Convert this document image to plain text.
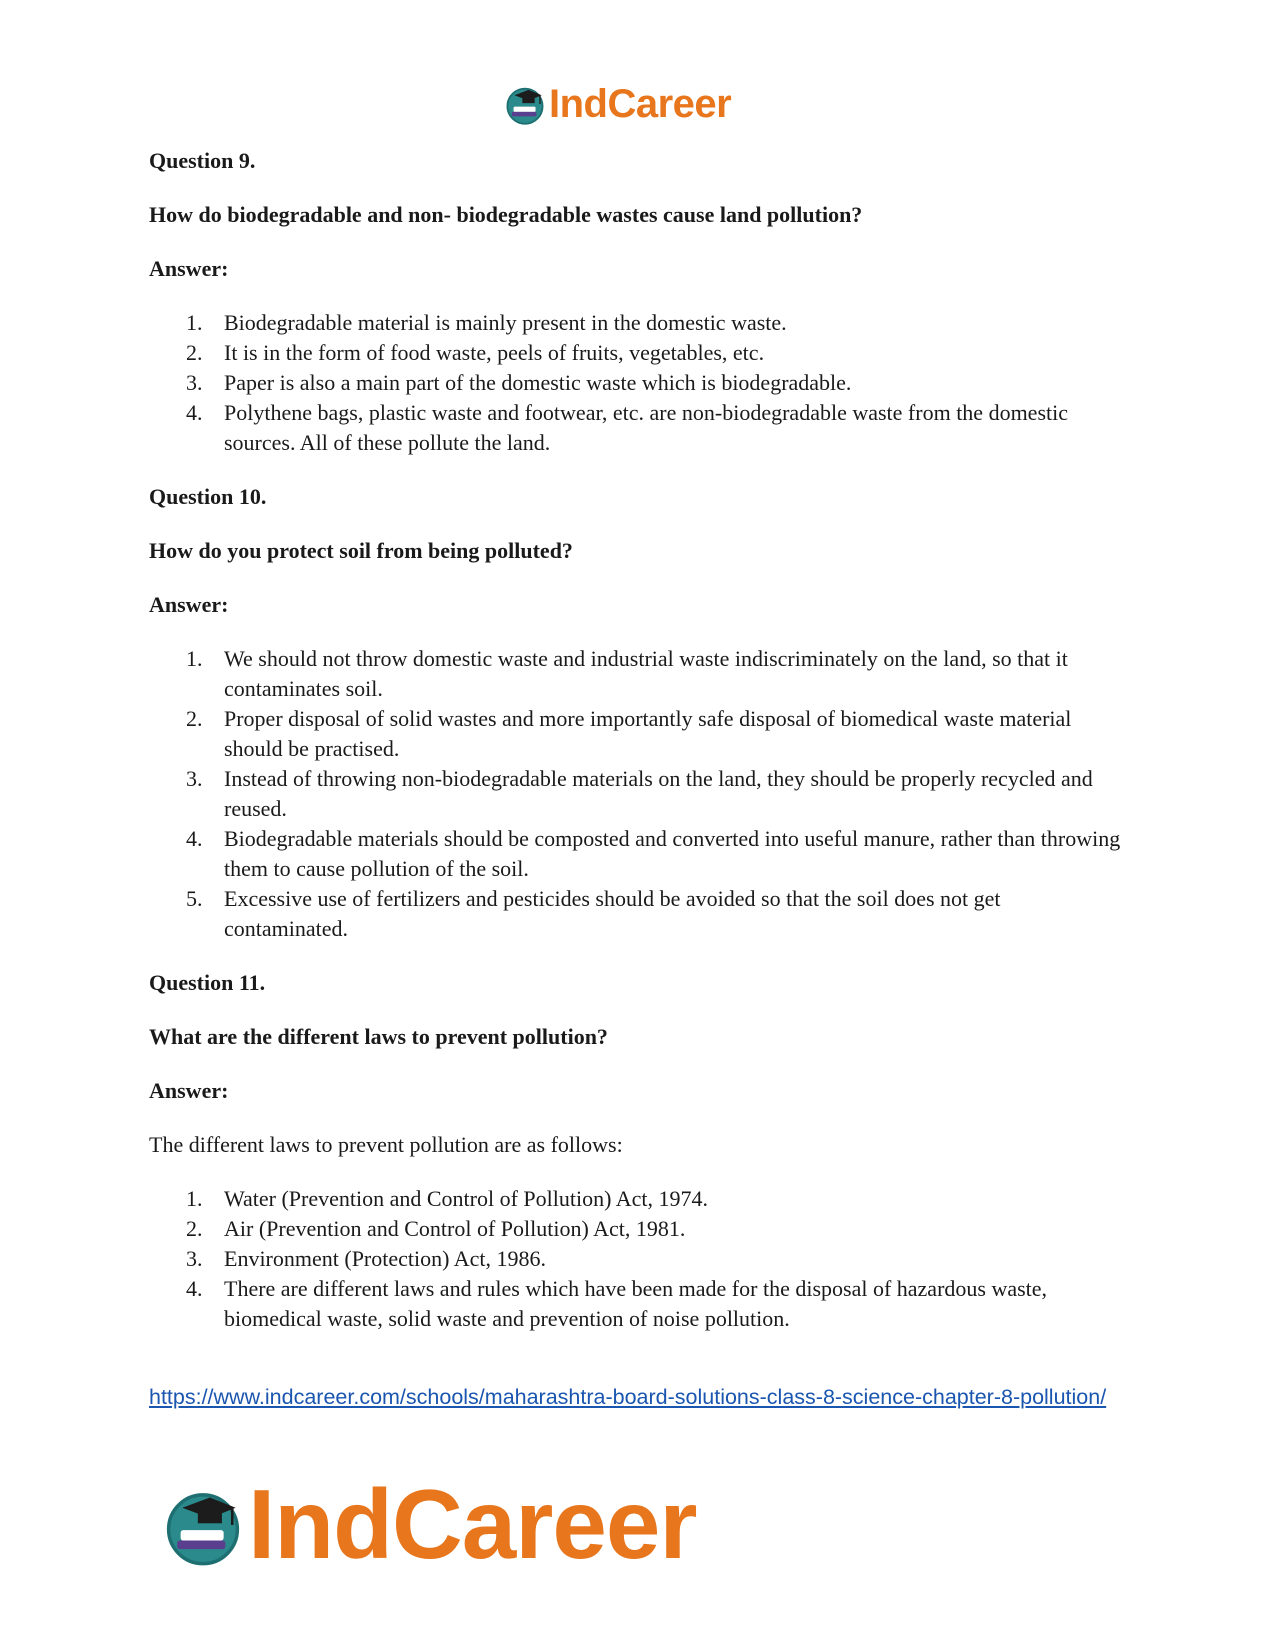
IndCareer

Question 9.

How do biodegradable and non- biodegradable wastes cause land pollution?

Answer:

1. Biodegradable material is mainly present in the domestic waste.
2. It is in the form of food waste, peels of fruits, vegetables, etc.
3. Paper is also a main part of the domestic waste which is biodegradable.
4. Polythene bags, plastic waste and footwear, etc. are non-biodegradable waste from the domestic sources. All of these pollute the land.

Question 10.

How do you protect soil from being polluted?

Answer:

1. We should not throw domestic waste and industrial waste indiscriminately on the land, so that it contaminates soil.
2. Proper disposal of solid wastes and more importantly safe disposal of biomedical waste material should be practised.
3. Instead of throwing non-biodegradable materials on the land, they should be properly recycled and reused.
4. Biodegradable materials should be composted and converted into useful manure, rather than throwing them to cause pollution of the soil.
5. Excessive use of fertilizers and pesticides should be avoided so that the soil does not get contaminated.

Question 11.

What are the different laws to prevent pollution?

Answer:

The different laws to prevent pollution are as follows:

1. Water (Prevention and Control of Pollution) Act, 1974.
2. Air (Prevention and Control of Pollution) Act, 1981.
3. Environment (Protection) Act, 1986.
4. There are different laws and rules which have been made for the disposal of hazardous waste, biomedical waste, solid waste and prevention of noise pollution.
https://www.indcareer.com/schools/maharashtra-board-solutions-class-8-science-chapter-8-pollution/
IndCareer
